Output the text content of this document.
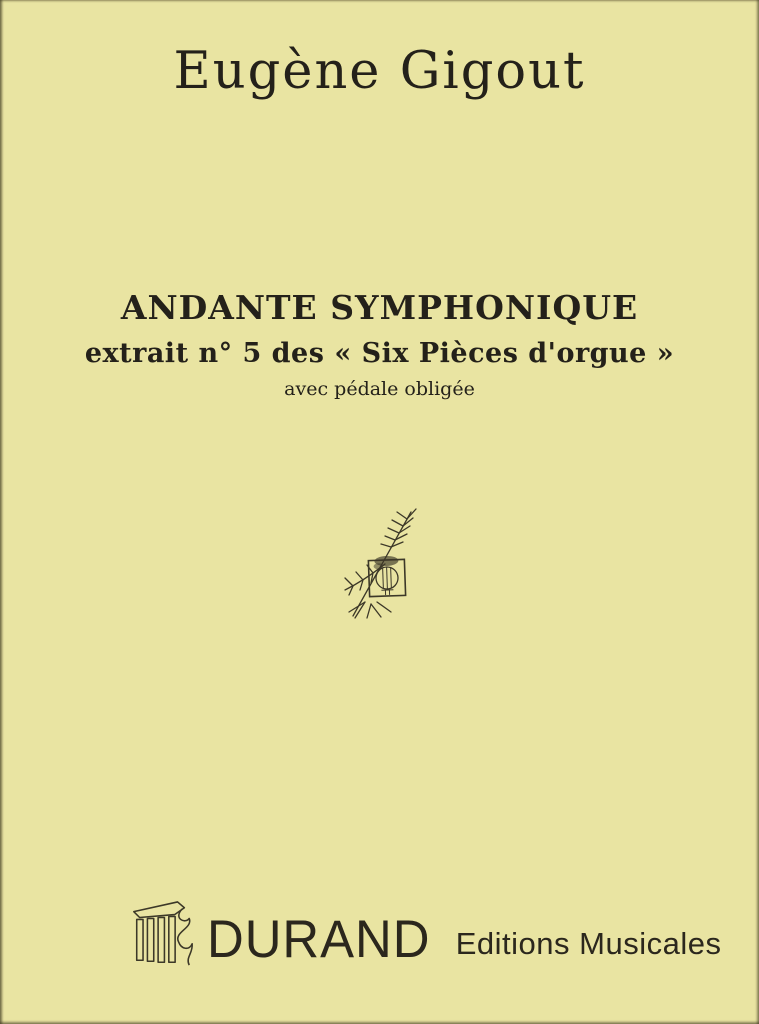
Eugène Gigout
ANDANTE SYMPHONIQUE
extrait n° 5 des « Six Pièces d'orgue »
avec pédale obligée
DURAND Editions Musicales
